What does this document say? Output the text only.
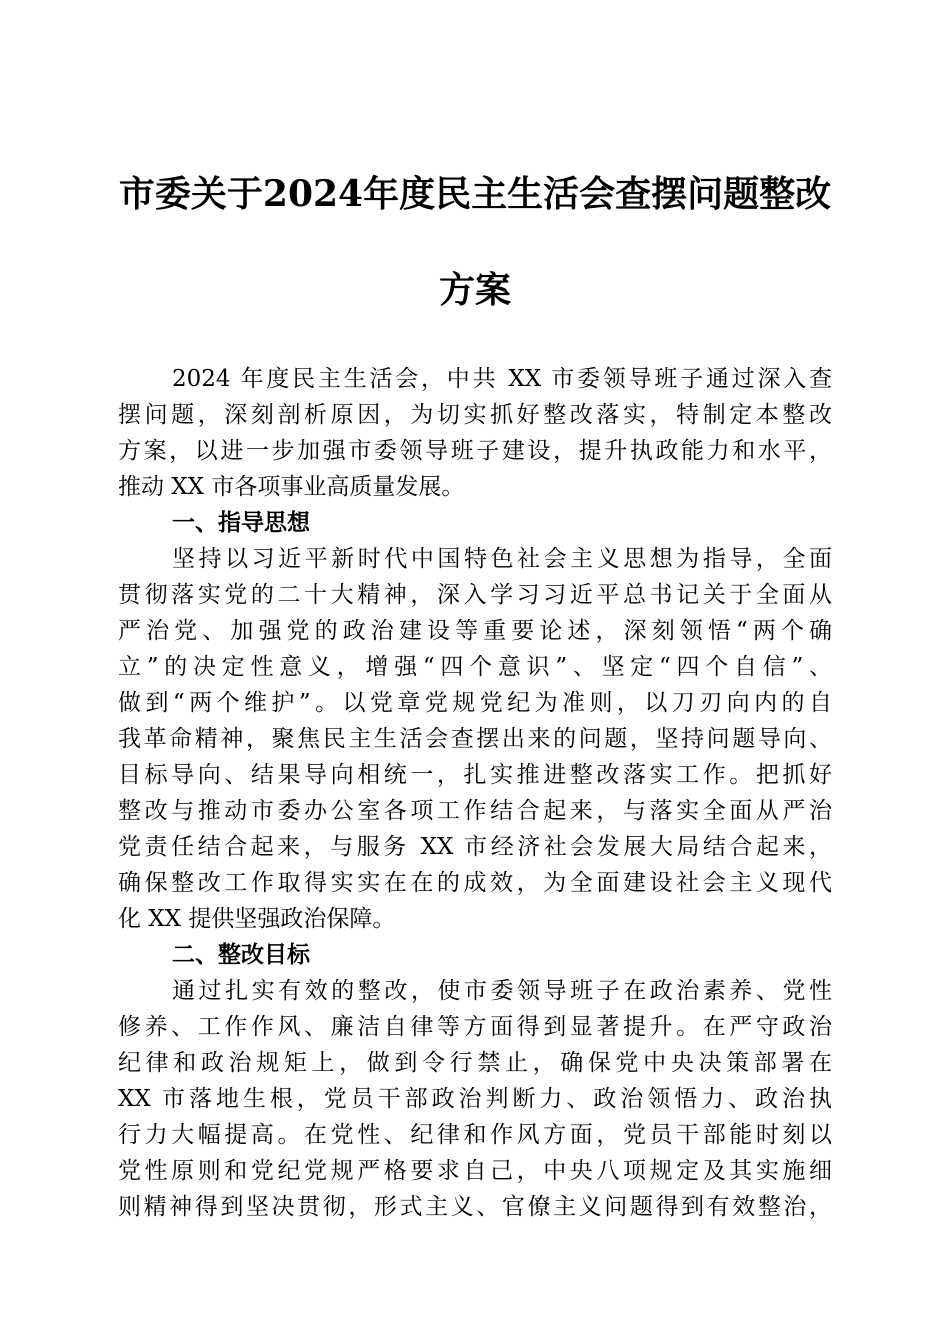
市委关于2024年度民主生活会查摆问题整改
方案

2024 年度民主生活会，中共 XX 市委领导班子通过深入查

摆问题，深刻剖析原因，为切实抓好整改落实，特制定本整改

方案，以进一步加强市委领导班子建设，提升执政能力和水平，

推动 XX 市各项事业高质量发展。

一、指导思想

坚持以习近平新时代中国特色社会主义思想为指导，全面

贯彻落实党的二十大精神，深入学习习近平总书记关于全面从

严治党、加强党的政治建设等重要论述，深刻领悟“两个确

立”的决定性意义，增强“四个意识”、坚定“四个自信”、

做到“两个维护”。以党章党规党纪为准则，以刀刃向内的自

我革命精神，聚焦民主生活会查摆出来的问题，坚持问题导向、

目标导向、结果导向相统一，扎实推进整改落实工作。把抓好

整改与推动市委办公室各项工作结合起来，与落实全面从严治

党责任结合起来，与服务 XX 市经济社会发展大局结合起来，

确保整改工作取得实实在在的成效，为全面建设社会主义现代

化 XX 提供坚强政治保障。

二、整改目标

通过扎实有效的整改，使市委领导班子在政治素养、党性

修养、工作作风、廉洁自律等方面得到显著提升。在严守政治

纪律和政治规矩上，做到令行禁止，确保党中央决策部署在

XX 市落地生根，党员干部政治判断力、政治领悟力、政治执

行力大幅提高。在党性、纪律和作风方面，党员干部能时刻以

党性原则和党纪党规严格要求自己，中央八项规定及其实施细

则精神得到坚决贯彻，形式主义、官僚主义问题得到有效整治，
